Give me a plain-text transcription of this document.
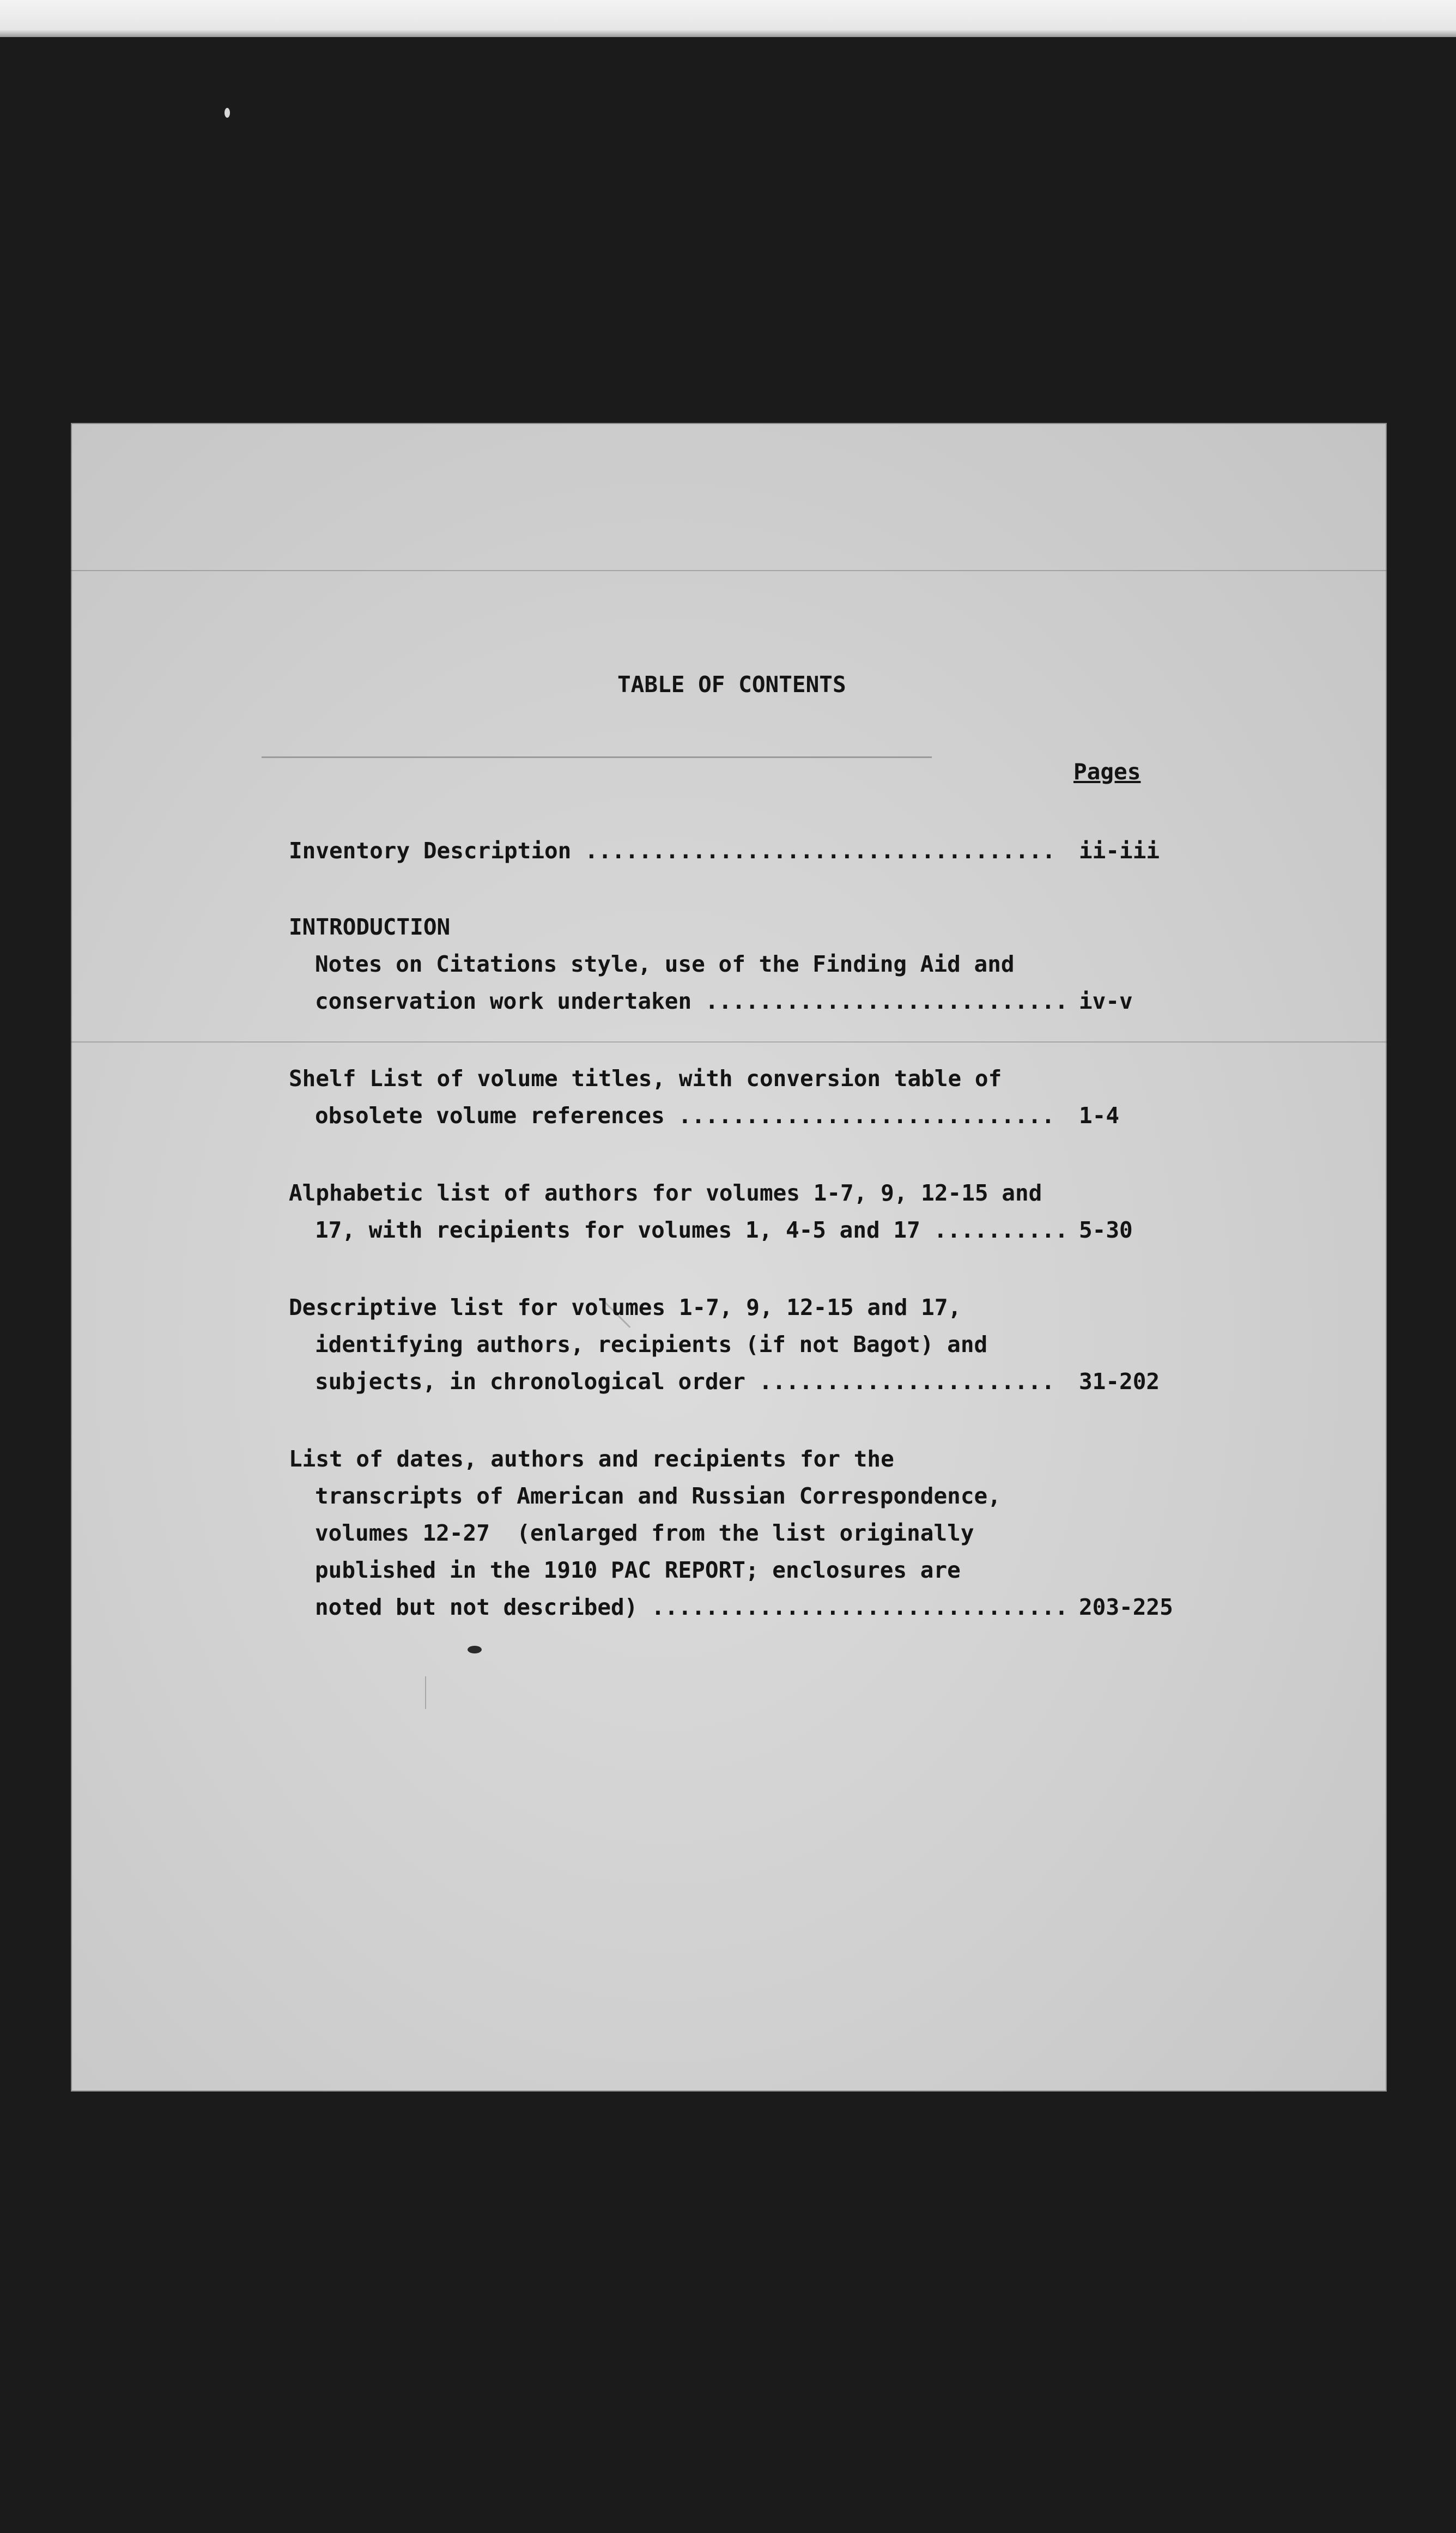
TABLE OF CONTENTS
Pages
Inventory Description ................................... ii-iii
INTRODUCTION
Notes on Citations style, use of the Finding Aid and
conservation work undertaken ........................... iv-v
Shelf List of volume titles, with conversion table of
obsolete volume references ............................ 1-4
Alphabetic list of authors for volumes 1-7, 9, 12-15 and
17, with recipients for volumes 1, 4-5 and 17 .......... 5-30
Descriptive list for volumes 1-7, 9, 12-15 and 17,
identifying authors, recipients (if not Bagot) and
subjects, in chronological order ...................... 31-202
List of dates, authors and recipients for the
transcripts of American and Russian Correspondence,
volumes 12-27  (enlarged from the list originally
published in the 1910 PAC REPORT; enclosures are
noted but not described) ............................... 203-225
